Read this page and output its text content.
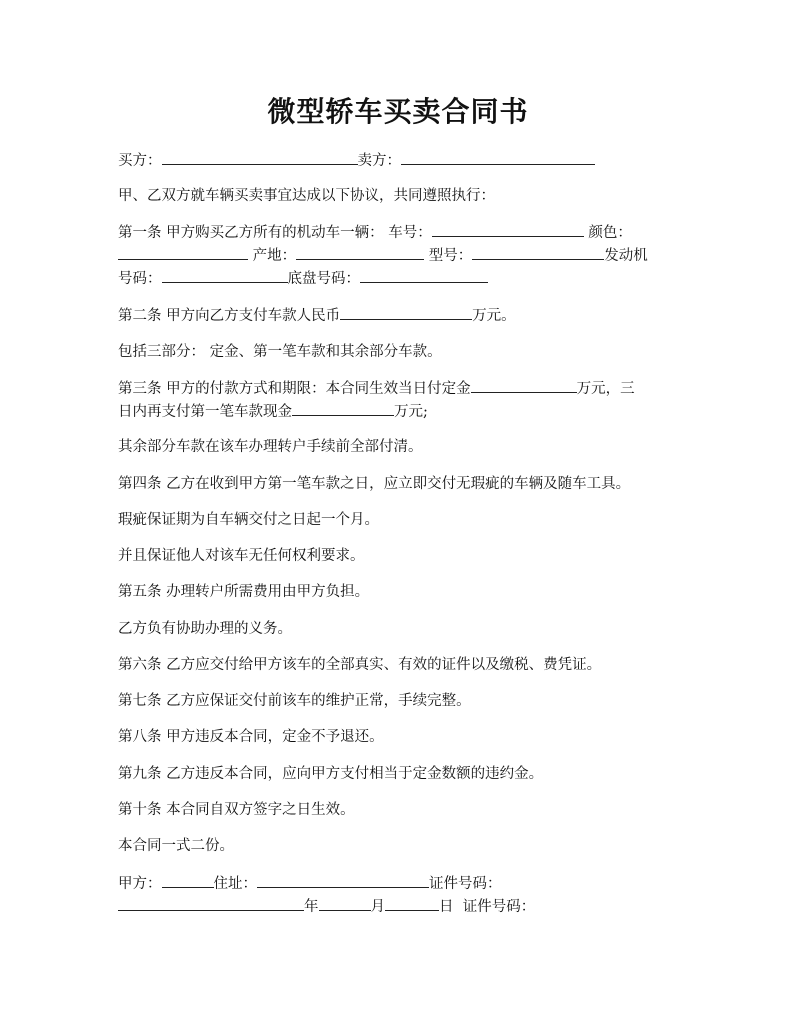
微型轿车买卖合同书
买方：	卖方：
甲、乙双方就车辆买卖事宜达成以下协议，共同遵照执行：
第一条 甲方购买乙方所有的机动车一辆： 车号：	颜色：
产地：	型号：	发动机
号码：	底盘号码：
第二条 甲方向乙方支付车款人民币	万元。
包括三部分： 定金、第一笔车款和其余部分车款。
第三条 甲方的付款方式和期限：本合同生效当日付定金	万元，三
日内再支付第一笔车款现金	万元;
其余部分车款在该车办理转户手续前全部付清。
第四条 乙方在收到甲方第一笔车款之日，应立即交付无瑕疵的车辆及随车工具。
瑕疵保证期为自车辆交付之日起一个月。
并且保证他人对该车无任何权利要求。
第五条 办理转户所需费用由甲方负担。
乙方负有协助办理的义务。
第六条 乙方应交付给甲方该车的全部真实、有效的证件以及缴税、费凭证。
第七条 乙方应保证交付前该车的维护正常，手续完整。
第八条 甲方违反本合同，定金不予退还。
第九条 乙方违反本合同，应向甲方支付相当于定金数额的违约金。
第十条 本合同自双方签字之日生效。
本合同一式二份。
甲方：	住址：	证件号码：
年	月	日 证件号码：
